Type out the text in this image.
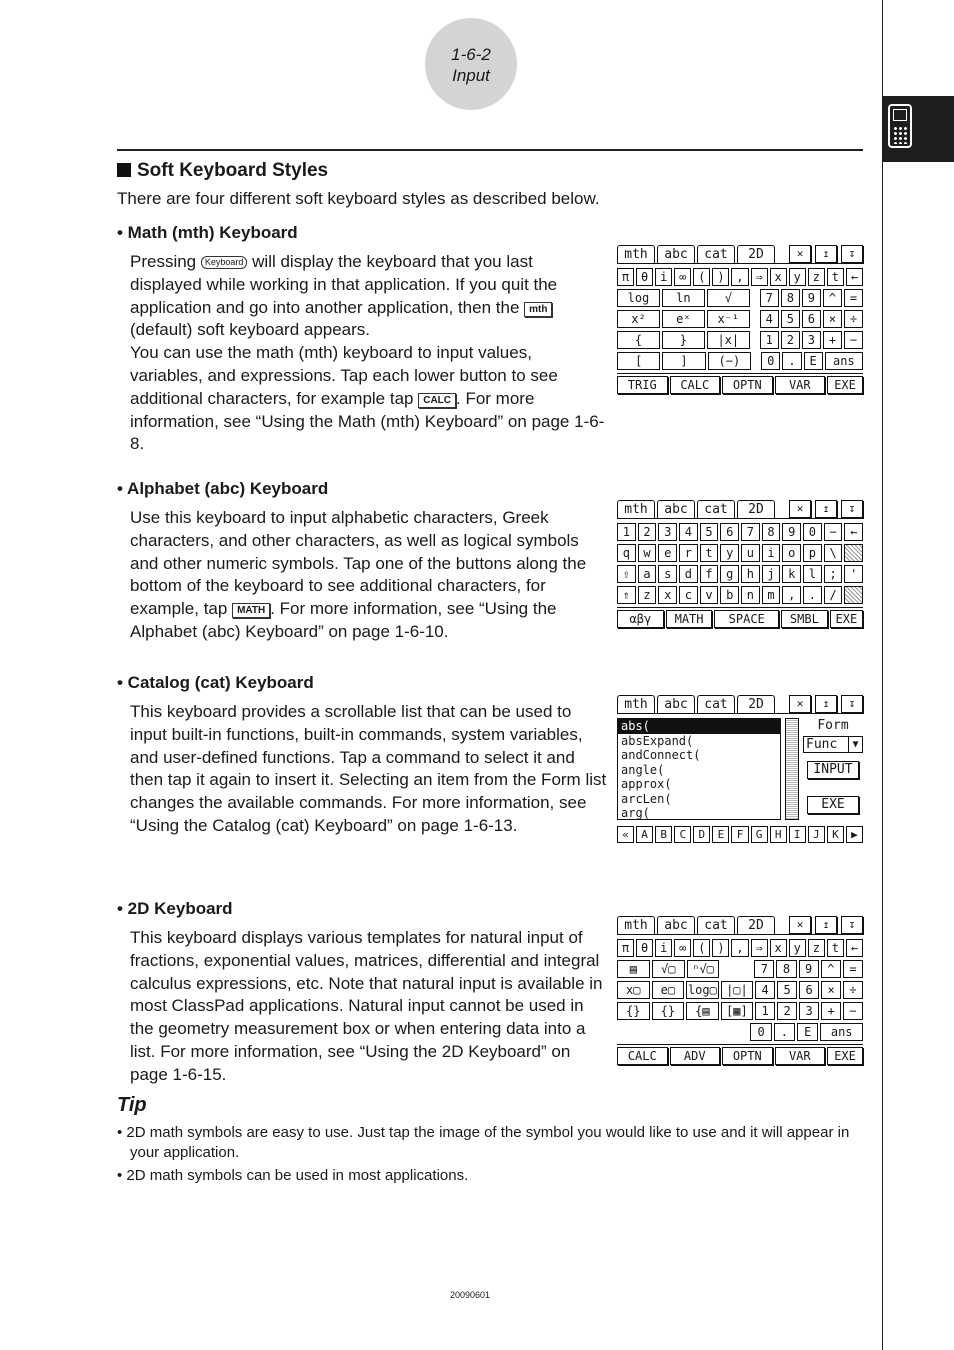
1-6-2
Input
Soft Keyboard Styles
There are four different soft keyboard styles as described below.
• Math (mth) Keyboard
Pressing Keyboard will display the keyboard that you last displayed while working in that application. If you quit the application and go into another application, then the mth
(default) soft keyboard appears.
You can use the math (mth) keyboard to input values, variables, and expressions. Tap each lower button to see additional characters, for example tap CALC . For more information, see “Using the Math (mth) Keyboard” on page 1-6-8.
mth	abc	cat	2D	✕	↥	↧
π θ i ∞ ( ) , ⇒ x y z t ←
log	ln	√	7	8	9	^	=
x²	eˣ	x⁻¹	4	5	6	×	÷
{	}	|x|	1	2	3	+	−
[	]	(−)	0	.	E	ans
TRIG	CALC	OPTN	VAR	EXE
• Alphabet (abc) Keyboard
Use this keyboard to input alphabetic characters, Greek characters, and other characters, as well as logical symbols and other numeric symbols. Tap one of the buttons along the bottom of the keyboard to see additional characters, for example, tap MATH . For more information, see “Using the Alphabet (abc) Keyboard” on page 1-6-10.
mth	abc	cat	2D	✕	↥	↧
1	2	3	4	5	6	7	8	9	0	−	←
q	w	e	r	t	y	u	i	o	p	\
⇧	a	s	d	f	g	h	j	k	l	;	'
⇑	z	x	c	v	b	n	m	,	.	/
αβγ	MATH	SPACE	SMBL	EXE
• Catalog (cat) Keyboard
This keyboard provides a scrollable list that can be used to input built-in functions, built-in commands, system variables, and user-defined functions. Tap a command to select it and then tap it again to insert it. Selecting an item from the Form list changes the available commands. For more information, see “Using the Catalog (cat) Keyboard” on page 1-6-13.
mth	abc	cat	2D	✕	↥	↧
abs(
absExpand(
andConnect(
angle(
approx(
arcLen(
arg(
Form
Func	▼
INPUT
EXE
«	A	B	C	D	E	F	G	H	I	J	K	▶
• 2D Keyboard
This keyboard displays various templates for natural input of fractions, exponential values, matrices, differential and integral calculus expressions, etc. Note that natural input is available in most ClassPad applications. Natural input cannot be used in the geometry measurement box or when entering data into a list. For more information, see “Using the 2D Keyboard” on page 1-6-15.
mth	abc	cat	2D	✕	↥	↧
π θ i ∞ ( ) , ⇒ x y z t ←
▤	√▢	ⁿ√▢	7	8	9	^	=
x▢	e▢	log▢ |▢|	4	5	6	×	÷
{}	{}	{▤	[▦]	1	2	3	+	−
0	.	E	ans
CALC	ADV	OPTN	VAR	EXE
Tip
• 2D math symbols are easy to use. Just tap the image of the symbol you would like to use and it will appear in your application.
• 2D math symbols can be used in most applications.
20090601
